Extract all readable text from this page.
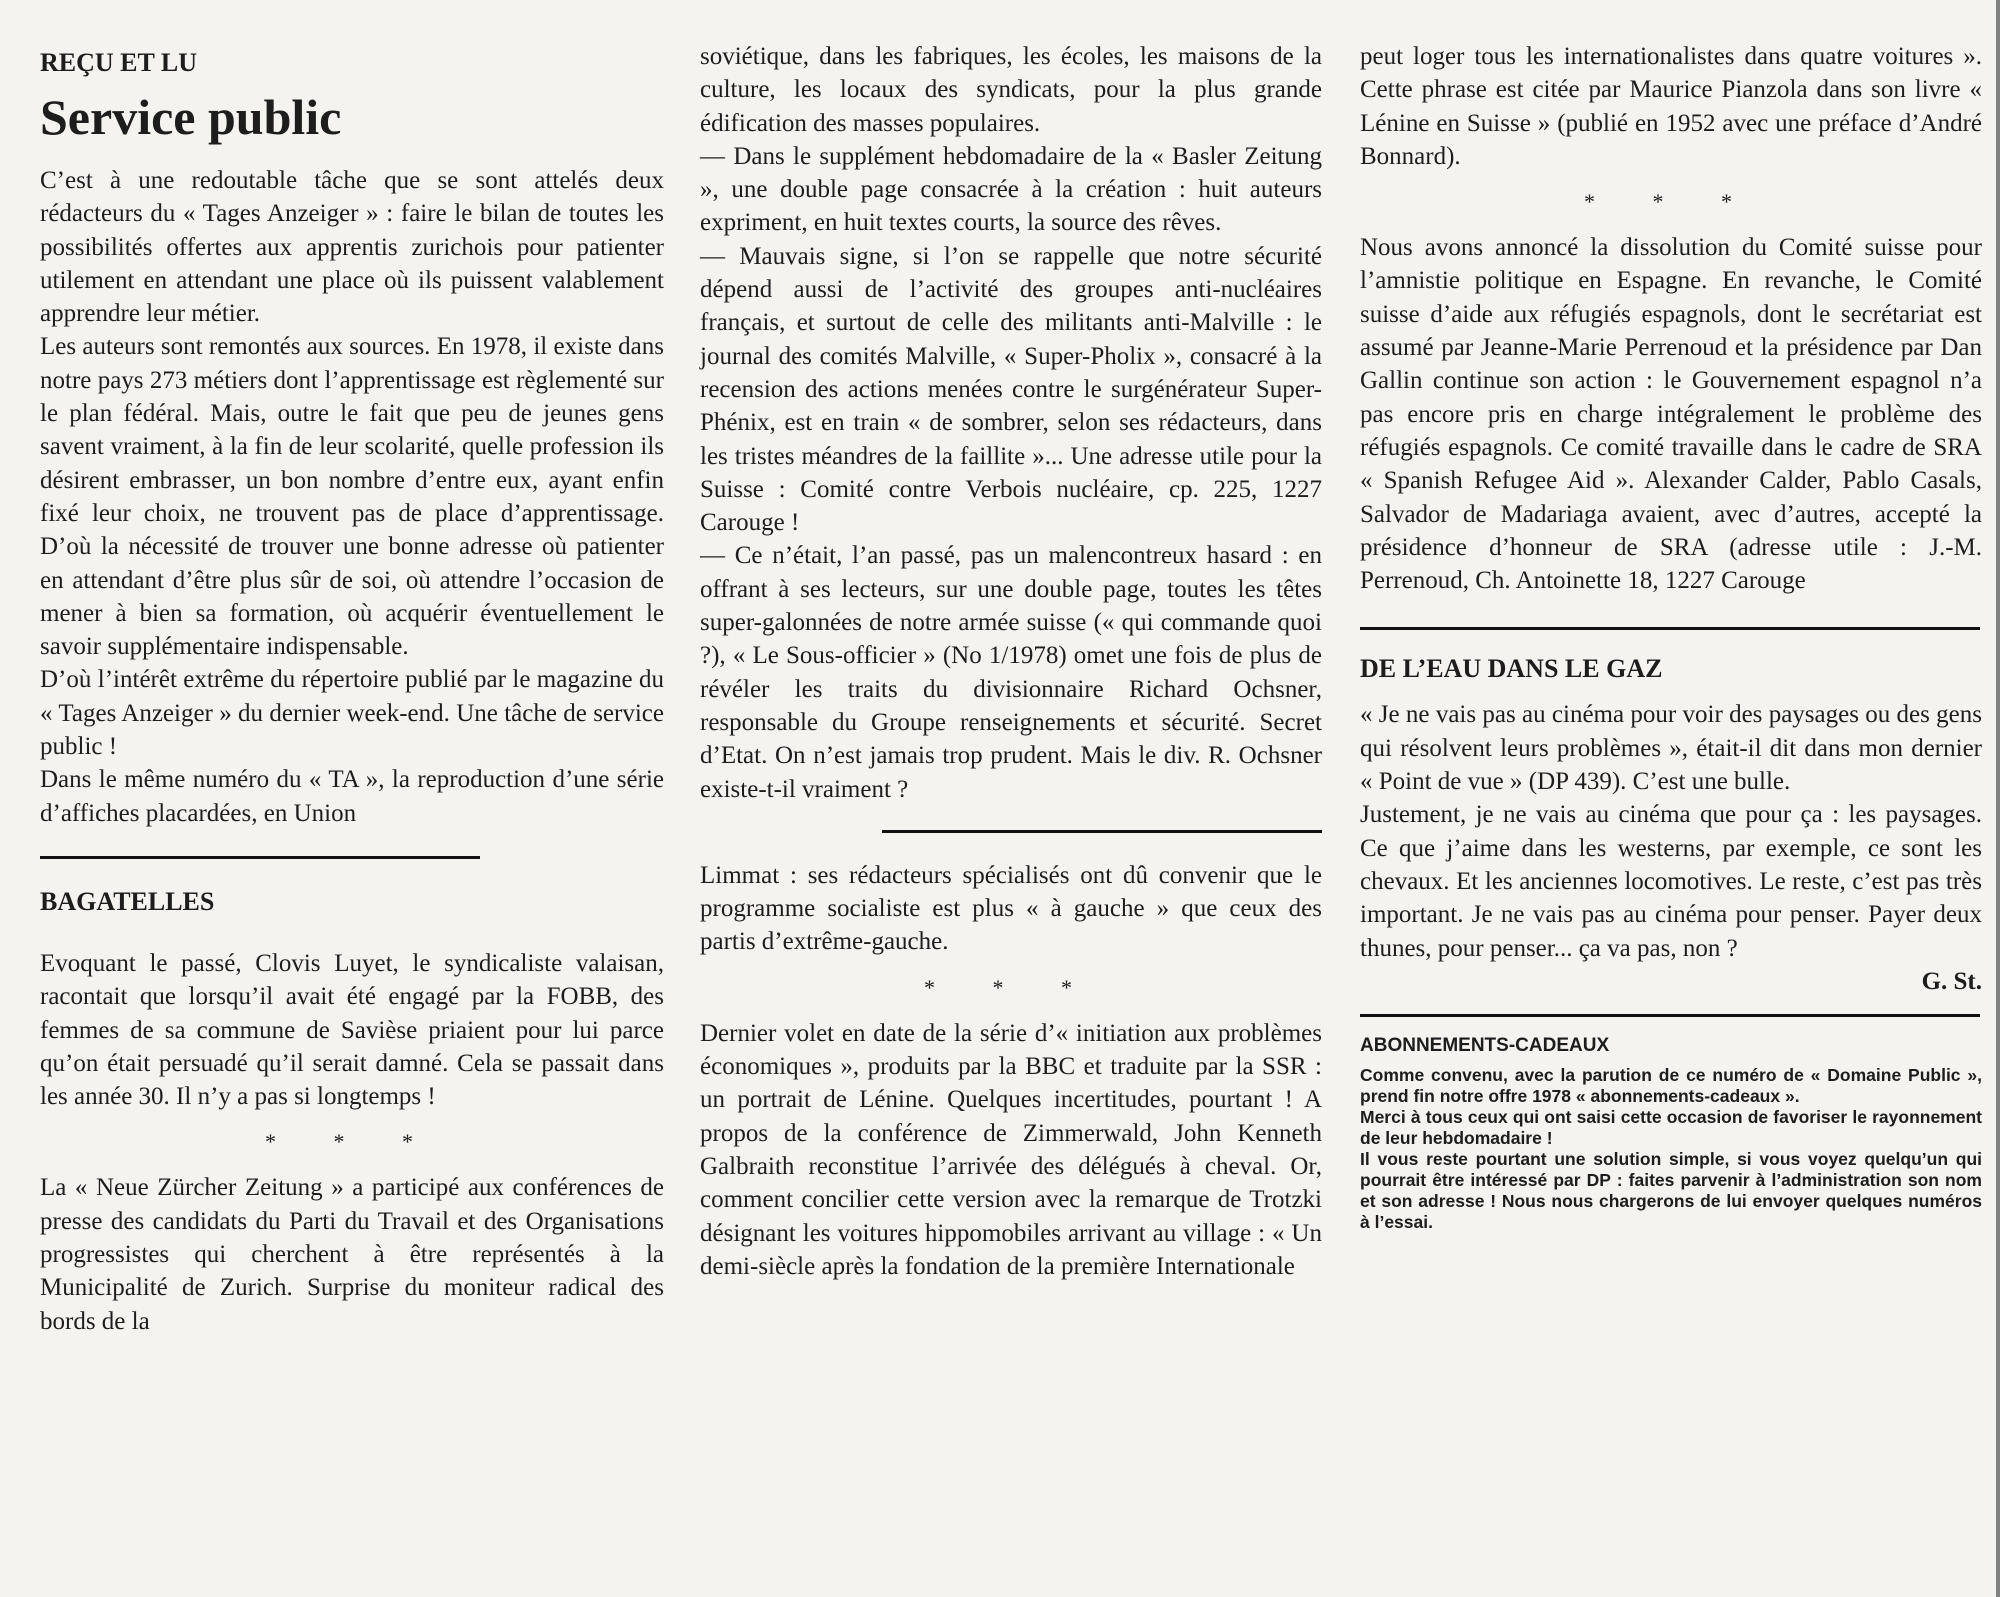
REÇU ET LU
Service public

C’est à une redoutable tâche que se sont attelés deux rédacteurs du « Tages Anzeiger » : faire le bilan de toutes les possibilités offertes aux apprentis zurichois pour patienter utilement en attendant une place où ils puissent valablement apprendre leur métier.

Les auteurs sont remontés aux sources. En 1978, il existe dans notre pays 273 métiers dont l’apprentissage est règlementé sur le plan fédéral. Mais, outre le fait que peu de jeunes gens savent vraiment, à la fin de leur scolarité, quelle profession ils désirent embrasser, un bon nombre d’entre eux, ayant enfin fixé leur choix, ne trouvent pas de place d’apprentissage. D’où la nécessité de trouver une bonne adresse où patienter en attendant d’être plus sûr de soi, où attendre l’occasion de mener à bien sa formation, où acquérir éventuellement le savoir supplémentaire indispensable.

D’où l’intérêt extrême du répertoire publié par le magazine du « Tages Anzeiger » du dernier week-end. Une tâche de service public !

Dans le même numéro du « TA », la reproduction d’une série d’affiches placardées, en Union

BAGATELLES

Evoquant le passé, Clovis Luyet, le syndicaliste valaisan, racontait que lorsqu’il avait été engagé par la FOBB, des femmes de sa commune de Savièse priaient pour lui parce qu’on était persuadé qu’il serait damné. Cela se passait dans les année 30. Il n’y a pas si longtemps !

* * *

La « Neue Zürcher Zeitung » a participé aux conférences de presse des candidats du Parti du Travail et des Organisations progressistes qui cherchent à être représentés à la Municipalité de Zurich. Surprise du moniteur radical des bords de la

soviétique, dans les fabriques, les écoles, les maisons de la culture, les locaux des syndicats, pour la plus grande édification des masses populaires.

— Dans le supplément hebdomadaire de la « Basler Zeitung », une double page consacrée à la création : huit auteurs expriment, en huit textes courts, la source des rêves.

— Mauvais signe, si l’on se rappelle que notre sécurité dépend aussi de l’activité des groupes anti-nucléaires français, et surtout de celle des militants anti-Malville : le journal des comités Malville, « Super-Pholix », consacré à la recension des actions menées contre le surgénérateur Super-Phénix, est en train « de sombrer, selon ses rédacteurs, dans les tristes méandres de la faillite »... Une adresse utile pour la Suisse : Comité contre Verbois nucléaire, cp. 225, 1227 Carouge !

— Ce n’était, l’an passé, pas un malencontreux hasard : en offrant à ses lecteurs, sur une double page, toutes les têtes super-galonnées de notre armée suisse (« qui commande quoi ?), « Le Sous-officier » (No 1/1978) omet une fois de plus de révéler les traits du divisionnaire Richard Ochsner, responsable du Groupe renseignements et sécurité. Secret d’Etat. On n’est jamais trop prudent. Mais le div. R. Ochsner existe-t-il vraiment ?

Limmat : ses rédacteurs spécialisés ont dû convenir que le programme socialiste est plus « à gauche » que ceux des partis d’extrême-gauche.

* * *

Dernier volet en date de la série d’« initiation aux problèmes économiques », produits par la BBC et traduite par la SSR : un portrait de Lénine. Quelques incertitudes, pourtant ! A propos de la conférence de Zimmerwald, John Kenneth Galbraith reconstitue l’arrivée des délégués à cheval. Or, comment concilier cette version avec la remarque de Trotzki désignant les voitures hippomobiles arrivant au village : « Un demi-siècle après la fondation de la première Internationale

peut loger tous les internationalistes dans quatre voitures ». Cette phrase est citée par Maurice Pianzola dans son livre « Lénine en Suisse » (publié en 1952 avec une préface d’André Bonnard).

* * *

Nous avons annoncé la dissolution du Comité suisse pour l’amnistie politique en Espagne. En revanche, le Comité suisse d’aide aux réfugiés espagnols, dont le secrétariat est assumé par Jeanne-Marie Perrenoud et la présidence par Dan Gallin continue son action : le Gouvernement espagnol n’a pas encore pris en charge intégralement le problème des réfugiés espagnols. Ce comité travaille dans le cadre de SRA « Spanish Refugee Aid ». Alexander Calder, Pablo Casals, Salvador de Madariaga avaient, avec d’autres, accepté la présidence d’honneur de SRA (adresse utile : J.-M. Perrenoud, Ch. Antoinette 18, 1227 Carouge

DE L’EAU DANS LE GAZ

« Je ne vais pas au cinéma pour voir des paysages ou des gens qui résolvent leurs problèmes », était-il dit dans mon dernier « Point de vue » (DP 439). C’est une bulle.

Justement, je ne vais au cinéma que pour ça : les paysages. Ce que j’aime dans les westerns, par exemple, ce sont les chevaux. Et les anciennes locomotives. Le reste, c’est pas très important. Je ne vais pas au cinéma pour penser. Payer deux thunes, pour penser... ça va pas, non ?

G. St.
ABONNEMENTS-CADEAUX

Comme convenu, avec la parution de ce numéro de « Domaine Public », prend fin notre offre 1978 « abonnements-cadeaux ».

Merci à tous ceux qui ont saisi cette occasion de favoriser le rayonnement de leur hebdomadaire !

Il vous reste pourtant une solution simple, si vous voyez quelqu’un qui pourrait être intéressé par DP : faites parvenir à l’administration son nom et son adresse ! Nous nous chargerons de lui envoyer quelques numéros à l’essai.
